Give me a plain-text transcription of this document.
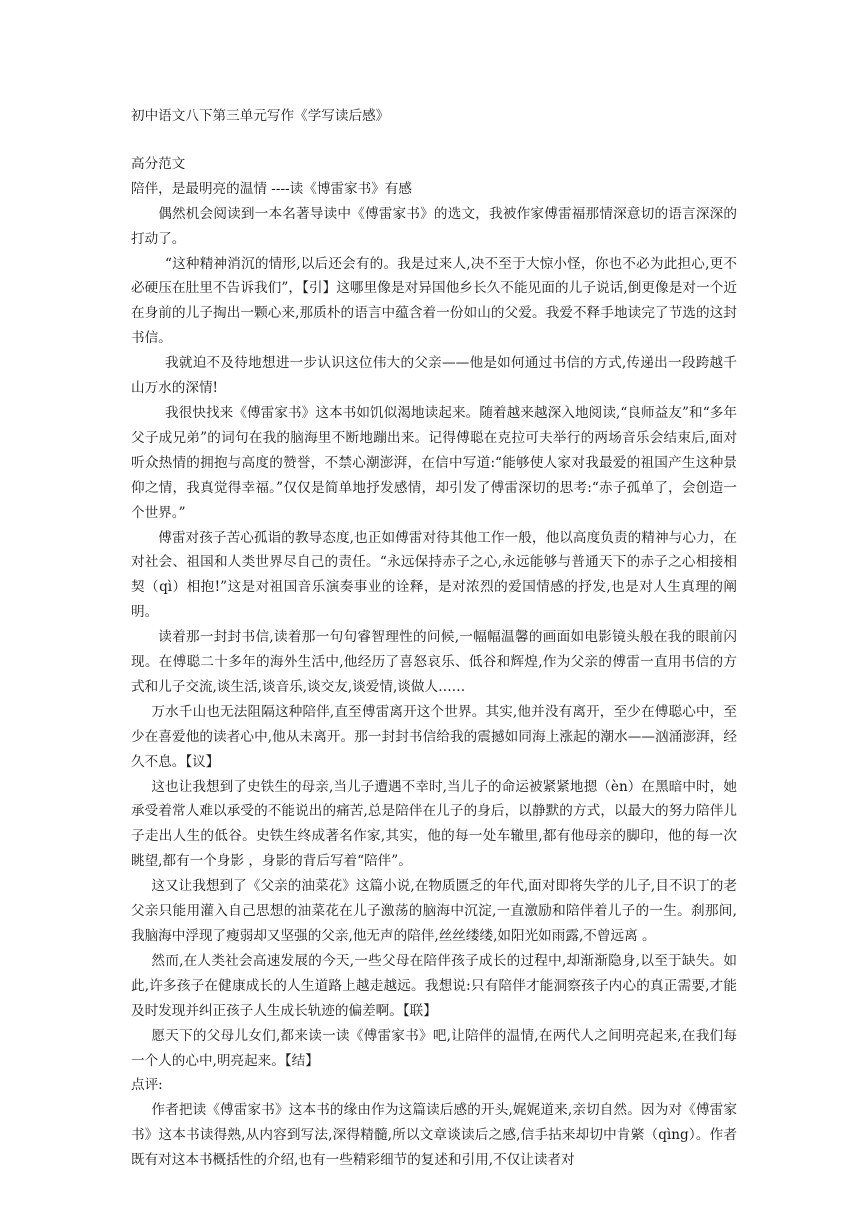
初中语文八下第三单元写作《学写读后感》

高分范文

陪伴，是最明亮的温情 ----读《博雷家书》有感

偶然机会阅读到一本名著导读中《傅雷家书》的选文，我被作家傅雷福那情深意切的语言深深的打动了。

“这种精神消沉的情形,以后还会有的。我是过来人,决不至于大惊小怪，你也不必为此担心,更不必硬压在肚里不告诉我们”，【引】这哪里像是对异国他乡长久不能见面的儿子说话,倒更像是对一个近在身前的儿子掏出一颗心来,那质朴的语言中蕴含着一份如山的父爱。我爱不释手地读完了节选的这封书信。

我就迫不及待地想进一步认识这位伟大的父亲——他是如何通过书信的方式,传递出一段跨越千山万水的深情!

我很快找来《傅雷家书》这本书如饥似渴地读起来。随着越来越深入地阅读,“良师益友”和“多年父子成兄弟”的词句在我的脑海里不断地蹦出来。记得傅聪在克拉可夫举行的两场音乐会结束后,面对听众热情的拥抱与高度的赞誉，不禁心潮澎湃，在信中写道:“能够使人家对我最爱的祖国产生这种景仰之情，我真觉得幸福。”仅仅是简单地抒发感情，却引发了傅雷深切的思考:“赤子孤单了，会创造一个世界。”

傅雷对孩子苦心孤诣的教导态度,也正如傅雷对待其他工作一般，他以高度负责的精神与心力，在对社会、祖国和人类世界尽自己的责任。“永远保持赤子之心,永远能够与普通天下的赤子之心相接相契（qì）相抱!”这是对祖国音乐演奏事业的诠释，是对浓烈的爱国情感的抒发,也是对人生真理的阐明。

读着那一封封书信,读着那一句句睿智理性的问候,一幅幅温馨的画面如电影镜头般在我的眼前闪现。在傅聪二十多年的海外生活中,他经历了喜怒哀乐、低谷和辉煌,作为父亲的傅雷一直用书信的方式和儿子交流,谈生活,谈音乐,谈交友,谈爱情,谈做人……

万水千山也无法阻隔这种陪伴,直至傅雷离开这个世界。其实,他并没有离开，至少在傅聪心中，至少在喜爱他的读者心中,他从未离开。那一封封书信给我的震撼如同海上涨起的潮水——汹涌澎湃，经久不息。【议】

这也让我想到了史铁生的母亲,当儿子遭遇不幸时,当儿子的命运被紧紧地摁（èn）在黑暗中时，她承受着常人难以承受的不能说出的痛苦,总是陪伴在儿子的身后，以静默的方式，以最大的努力陪伴儿子走出人生的低谷。史铁生终成著名作家,其实，他的每一处车辙里,都有他母亲的脚印，他的每一次眺望,都有一个身影 ，身影的背后写着“陪伴”。

这又让我想到了《父亲的油菜花》这篇小说,在物质匮乏的年代,面对即将失学的儿子,目不识丁的老父亲只能用灌入自己思想的油菜花在儿子激荡的脑海中沉淀,一直激励和陪伴着儿子的一生。刹那间,我脑海中浮现了瘦弱却又坚强的父亲,他无声的陪伴,丝丝缕缕,如阳光如雨露,不曾远离 。

然而,在人类社会高速发展的今天,一些父母在陪伴孩子成长的过程中,却渐渐隐身,以至于缺失。如此,许多孩子在健康成长的人生道路上越走越远。我想说:只有陪伴才能洞察孩子内心的真正需要,才能及时发现并纠正孩子人生成长轨迹的偏差啊。【联】

愿天下的父母儿女们,都来读一读《傅雷家书》吧,让陪伴的温情,在两代人之间明亮起来,在我们每一个人的心中,明亮起来。【结】

点评:

作者把读《傅雷家书》这本书的缘由作为这篇读后感的开头,娓娓道来,亲切自然。因为对《傅雷家书》这本书读得熟,从内容到写法,深得精髓,所以文章谈读后之感,信手拈来却切中肯綮（qìng）。作者既有对这本书概括性的介绍,也有一些精彩细节的复述和引用,不仅让读者对
